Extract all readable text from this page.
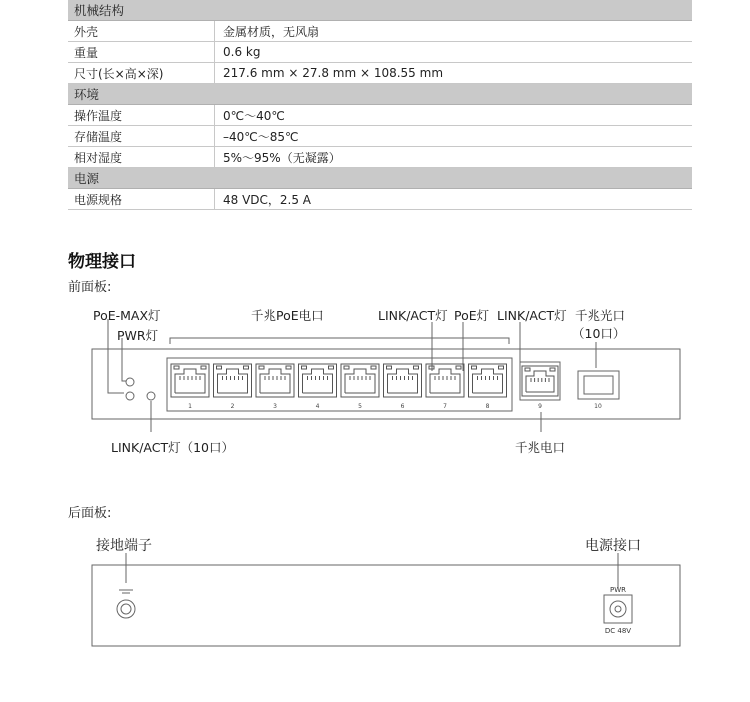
机械结构	
外壳	金属材质，无风扇
重量	0.6 kg
尺寸(长×高×深)	217.6 mm × 27.8 mm × 108.55 mm
环境	
操作温度	0℃～40℃
存储温度	–40℃～85℃
相对湿度	5%～95%（无凝露）
电源	
电源规格	48 VDC，2.5 A
物理接口
前面板:
后面板:
PoE-MAX灯
PWR灯
千兆PoE电口	LINK/ACT灯 PoE灯 LINK/ACT灯 千兆光口
（10口）
LINK/ACT灯（10口）	千兆电口
接地端子	电源接口
1	2	3	4	5	6	7	8	9	10
PWR
DC 48V
